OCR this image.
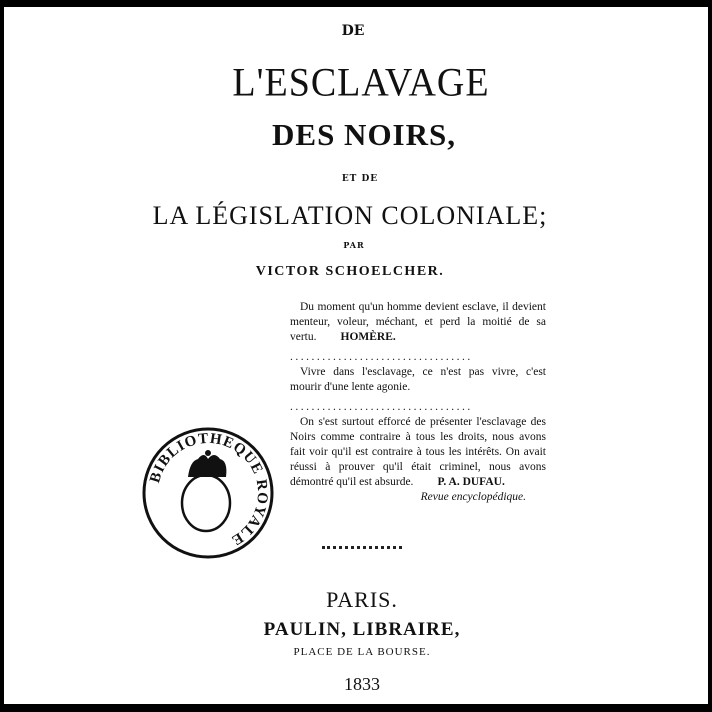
DE
L'ESCLAVAGE
DES NOIRS,
ET DE
LA LÉGISLATION COLONIALE;
PAR
VICTOR SCHOELCHER.

Du moment qu'un homme devient esclave, il devient menteur, voleur, méchant, et perd la moitié de sa vertu. HOMÈRE.

..................................

Vivre dans l'esclavage, ce n'est pas vivre, c'est mourir d'une lente agonie.

..................................

On s'est surtout efforcé de présenter l'esclavage des Noirs comme contraire à tous les droits, nous avons fait voir qu'il est contraire à tous les intérêts. On avait réussi à prouver qu'il était criminel, nous avons démontré qu'il est absurde. P. A. DUFAU.

Revue encyclopédique.
BIBLIOTHEQUE ROYALE
PARIS.
PAULIN, LIBRAIRE,
PLACE DE LA BOURSE.
1833
